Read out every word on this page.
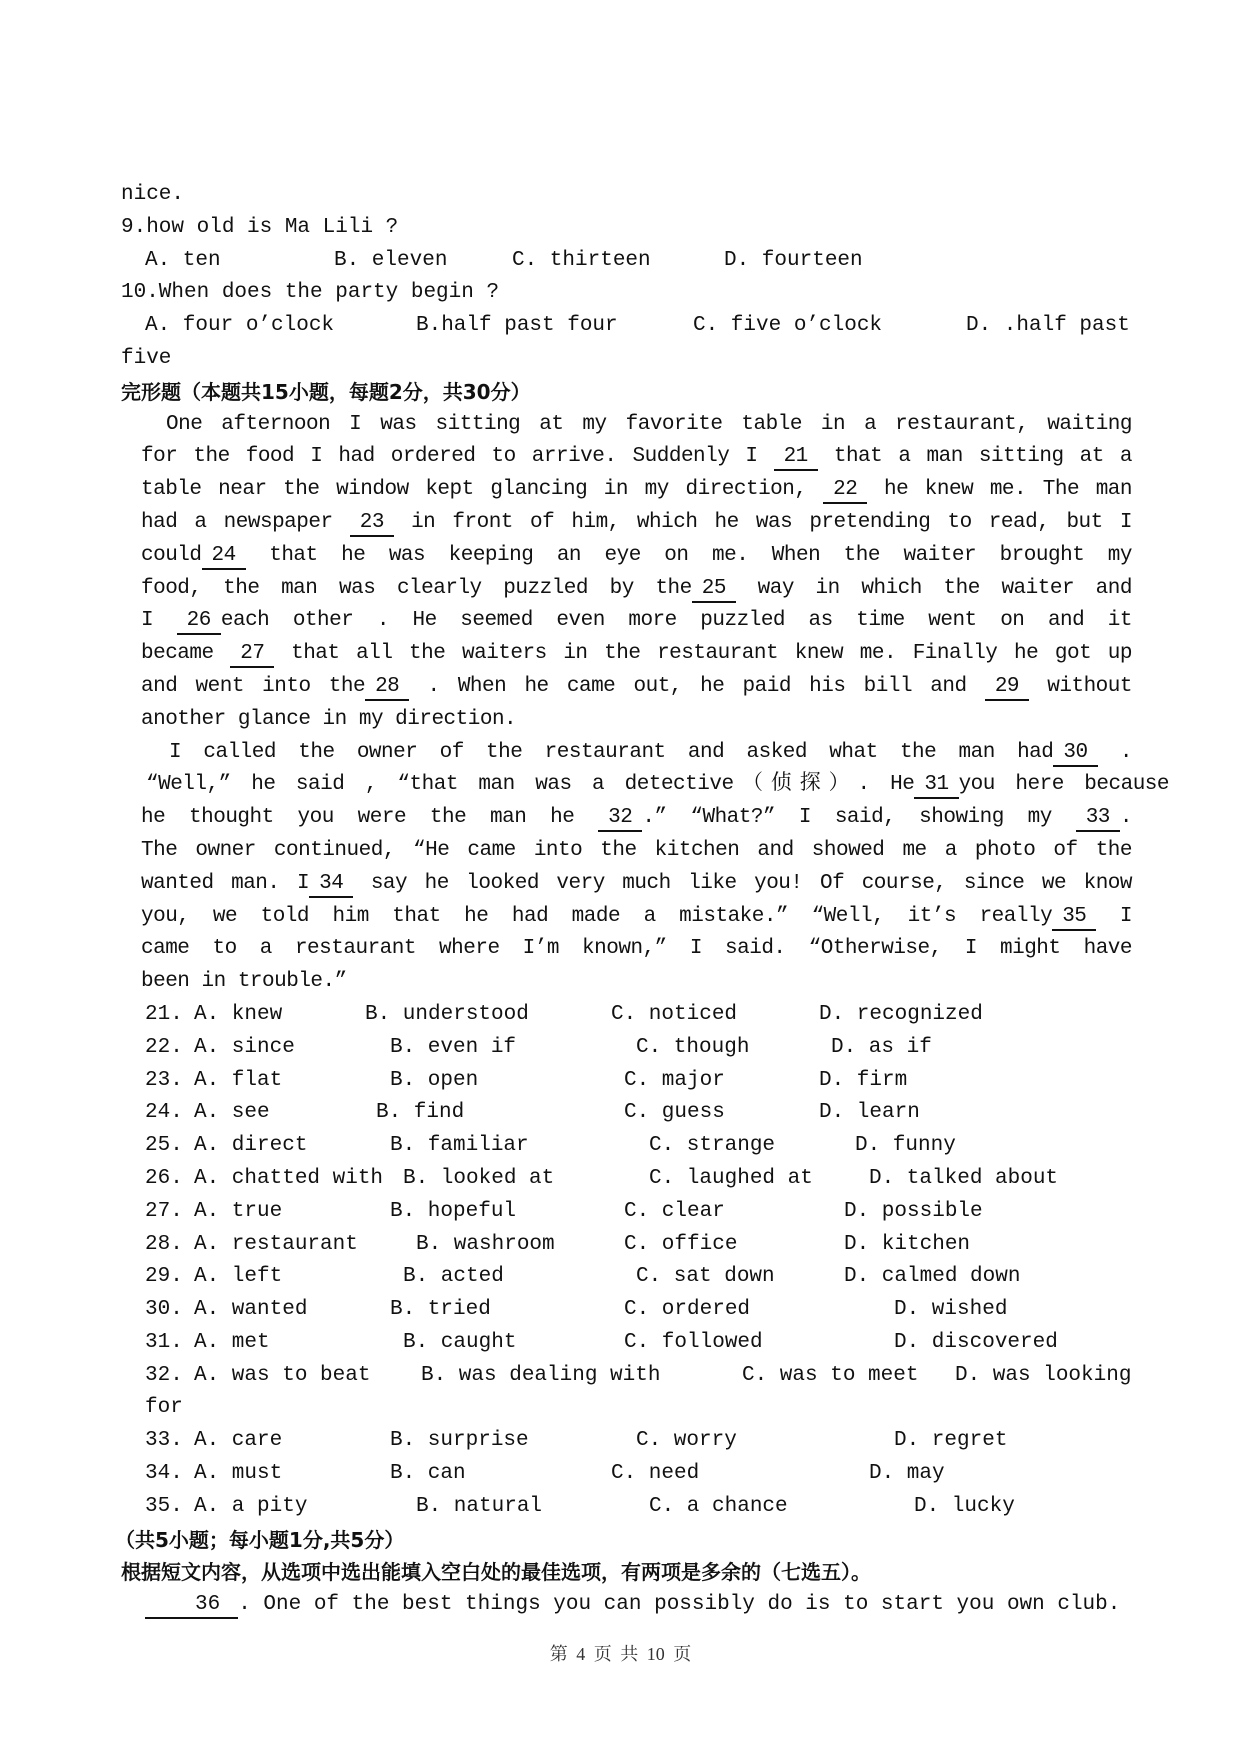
nice.
9.how old is Ma Lili ?
A. ten	B. eleven	C. thirteen	D. fourteen
10.When does the party begin ?
A. four o’clock	B.half past four	C. five o’clock	D. .half past
five
完形题（本题共15小题，每题2分，共30分）
One afternoon I was sitting at my favorite table in a restaurant, waiting
for the food I had ordered to arrive. Suddenly I 21 that a man sitting at a
table near the window kept glancing in my direction, 22 he knew me. The man
had a newspaper 23 in front of him, which he was pretending to read, but I
could 24 that he was keeping an eye on me. When the waiter brought my
food, the man was clearly puzzled by the 25 way in which the waiter and
I 26 each other . He seemed even more puzzled as time went on and it
became 27 that all the waiters in the restaurant knew me. Finally he got up
and went into the 28 . When he came out, he paid his bill and 29 without
another glance in my direction.
I called the owner of the restaurant and asked what the man had 30 .
“Well,” he said , “that man was a detective（侦探）. He 31 you here because
he thought you were the man he 32 .” “What?” I said, showing my 33 .
The owner continued, “He came into the kitchen and showed me a photo of the
wanted man. I 34 say he looked very much like you! Of course, since we know
you, we told him that he had made a mistake.” “Well, it’s really 35 I
came to a restaurant where I’m known,” I said. “Otherwise, I might have
been in trouble.”
21. A. knew	B. understood	C. noticed	D. recognized
22. A. since	B. even if	C. though	D. as if
23. A. flat	B. open	C. major	D. firm
24. A. see	B. find	C. guess	D. learn
25. A. direct	B. familiar	C. strange	D. funny
26. A. chatted with B. looked at	C. laughed at	D. talked about
27. A. true	B. hopeful	C. clear	D. possible
28. A. restaurant	B. washroom	C. office	D. kitchen
29. A. left	B. acted	C. sat down	D. calmed down
30. A. wanted	B. tried	C. ordered	D. wished
31. A. met	B. caught	C. followed	D. discovered
32. A. was to beat B. was dealing with	C. was to meet D. was looking
for
33. A. care	B. surprise	C. worry	D. regret
34. A. must	B. can	C. need	D. may
35. A. a pity	B. natural	C. a chance	D. lucky
（共5小题；每小题1分,共5分）
根据短文内容，从选项中选出能填入空白处的最佳选项，有两项是多余的（七选五）。
36 . One of the best things you can possibly do is to start you own club.
第 4 页 共 10 页
